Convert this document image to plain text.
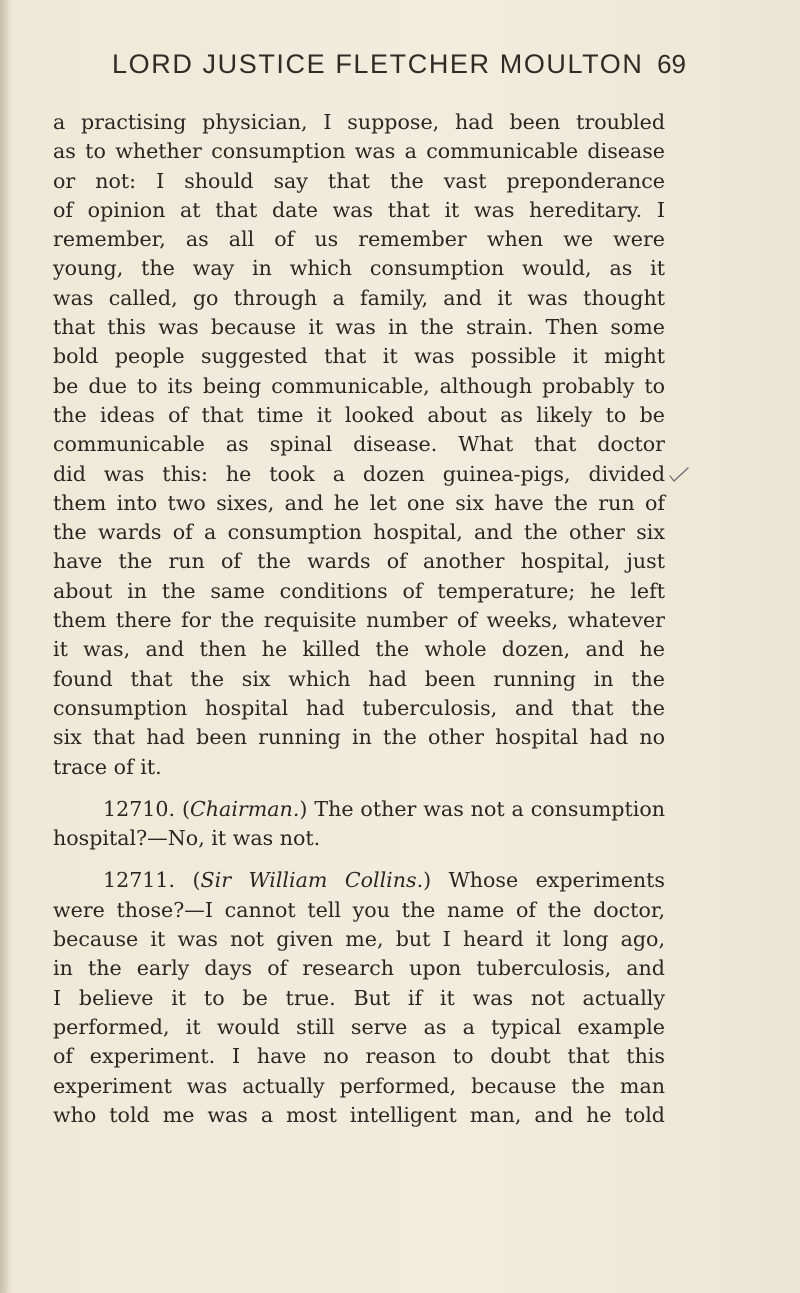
LORD JUSTICE FLETCHER MOULTON 69
a practising physician, I suppose, had been troubled
as to whether consumption was a communicable disease
or not: I should say that the vast preponderance
of opinion at that date was that it was hereditary. I
remember, as all of us remember when we were
young, the way in which consumption would, as it
was called, go through a family, and it was thought
that this was because it was in the strain. Then some
bold people suggested that it was possible it might
be due to its being communicable, although probably to
the ideas of that time it looked about as likely to be
communicable as spinal disease. What that doctor
did was this: he took a dozen guinea-pigs, divided
them into two sixes, and he let one six have the run of
the wards of a consumption hospital, and the other six
have the run of the wards of another hospital, just
about in the same conditions of temperature; he left
them there for the requisite number of weeks, whatever
it was, and then he killed the whole dozen, and he
found that the six which had been running in the
consumption hospital had tuberculosis, and that the
six that had been running in the other hospital had no
trace of it.
12710. (Chairman.) The other was not a consumption
hospital?—No, it was not.
12711. (Sir William Collins.) Whose experiments
were those?—I cannot tell you the name of the doctor,
because it was not given me, but I heard it long ago,
in the early days of research upon tuberculosis, and
I believe it to be true. But if it was not actually
performed, it would still serve as a typical example
of experiment. I have no reason to doubt that this
experiment was actually performed, because the man
who told me was a most intelligent man, and he told
